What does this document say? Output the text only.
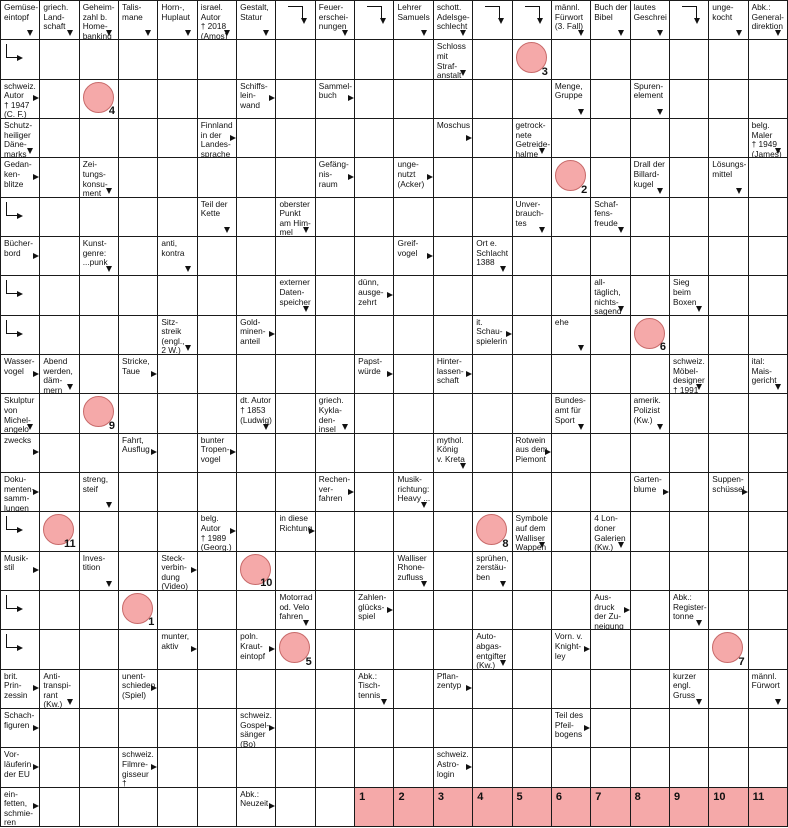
Gemüse-
eintopf
griech.
Land-
schaft
Geheim-
zahl b.
Home-
banking
Talis-
mane
Horn-,
Huplaut
israel.
Autor
† 2018
(Amos)
Gestalt,
Statur
Feuer-
erschei-
nungen
Lehrer
Samuels
schott.
Adelsge-
schlecht
männl.
Fürwort
(3. Fall)
Buch der
Bibel
lautes
Geschrei
unge-
kocht
Abk.:
General-
direktion
Schloss
mit Straf-
anstalt	3
schweiz.
Autor
† 1947
(C. F.)	4
Schiffs-
lein-
wand
Sammel-
buch
Menge,
Gruppe
Spuren-
element
Schutz-
heiliger
Däne-
marks
Finnland
in der
Landes-
sprache
Moschus	getrock-
nete
Getreide-
halme
belg.
Maler
† 1949
(James)
Gedan-
ken-
blitze
Zei-
tungs-
konsu-
ment
Gefäng-
nis-
raum
unge-
nutzt
(Acker)
2
Drall der
Billard-
kugel
Lösungs-
mittel
Teil der
Kette
oberster
Punkt
am Him-
mel
Unver-
brauch-
tes
Schaf-
fens-
freude
Bücher-
bord
Kunst-
genre:
...punk
anti,
kontra
Greif-
vogel
Ort e.
Schlacht
1388
externer
Daten-
speicher
dünn,
ausge-
zehrt
all-
täglich,
nichts-
sagend
Sieg
beim
Boxen
Sitz-
streik
(engl.,
2 W.)
Gold-
minen-
anteil
it. Schau-
spielerin
ehe
6
Wasser-
vogel
Abend
werden,
däm-
mern
Stricke,
Taue
Papst-
würde
Hinter-
lassen-
schaft
schweiz.
Möbel-
designer
† 1991
ital:
Mais-
gericht
Skulptur
von
Michel-
angelo	9
dt. Autor
† 1853
(Ludwig)
griech.
Kykla-
den-
insel
Bundes-
amt für
Sport
amerik.
Polizist
(Kw.)
zwecks	Fahrt,
Ausflug
bunter
Tropen-
vogel
mythol.
König
v. Kreta
Rotwein
aus dem
Piemont
Doku-
menten-
samm-
lungen
streng,
steif
Rechen-
ver-
fahren
Musik-
richtung:
Heavy ...
Garten-
blume
Suppen-
schüssel
11
belg.
Autor
† 1989
(Georg.)
in diese
Richtung
8
Symbole
auf dem
Walliser
Wappen
4 Lon-
doner
Galerien
(Kw.)
Musik-
stil
Inves-
tition
Steck-
verbin-
dung
(Video)	10
Walliser
Rhone-
zufluss
sprühen,
zerstäu-
ben
1
Motorrad
od. Velo
fahren
Zahlen-
glücks-
spiel
Aus-
druck
der Zu-
neigung
Abk.:
Register-
tonne
munter,
aktiv
poln.
Kraut-
eintopf
5
Auto-
abgas-
entgifter
(Kw.)
Vorn. v.
Knight-
ley
7
brit. Prin-
zessin
Anti-
transpi-
rant
(Kw.)
unent-
schieden
(Spiel)
Abk.:
Tisch-
tennis
Pflan-
zentyp
kurzer
engl.
Gruss
männl.
Fürwort
Schach-
figuren
schweiz.
Gospel-
sänger
(Bo)
Teil des
Pfeil-
bogens
Vor-
läuferin
der EU
schweiz.
Filmre-
gisseur †

schweiz.
Astro-
login
ein-
fetten,
schmie-
ren
Abk.:
Neuzeit
1	2	3	4	5	6	7	8	9	10 11
